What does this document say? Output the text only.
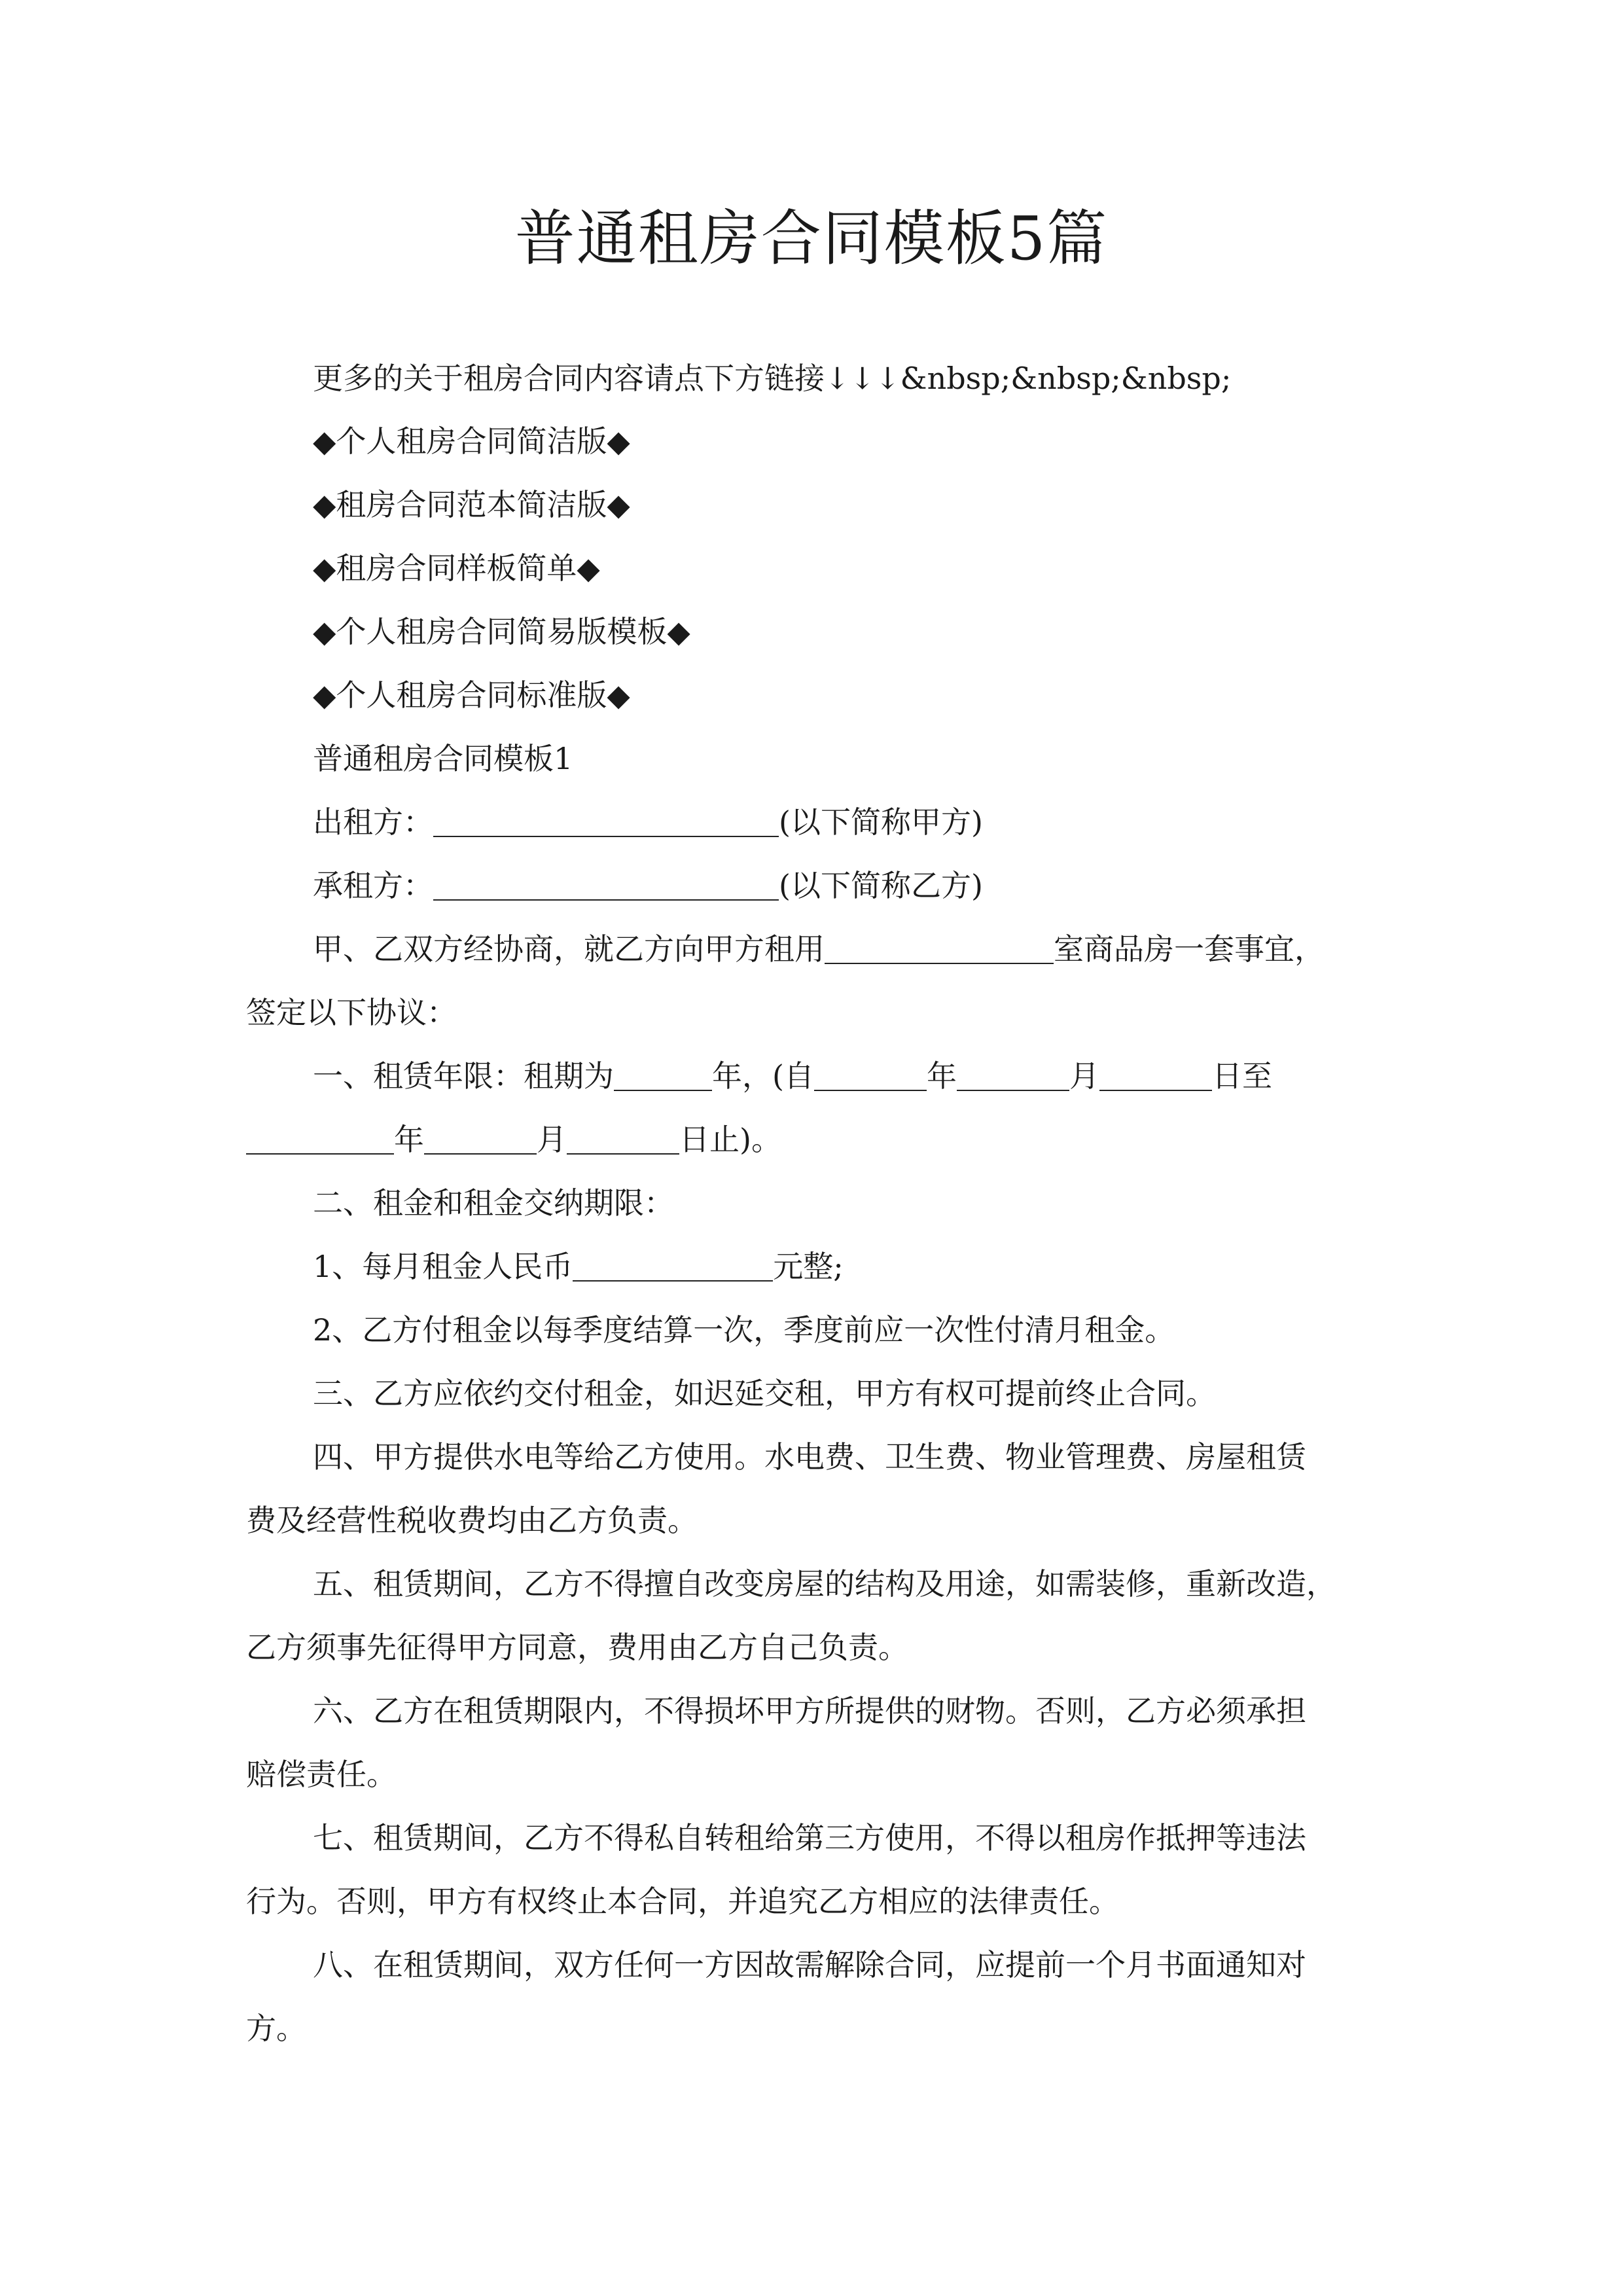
普通租房合同模板5篇

更多的关于租房合同内容请点下方链接↓↓↓&nbsp;&nbsp;&nbsp;

◆个人租房合同简洁版◆

◆租房合同范本简洁版◆

◆租房合同样板简单◆

◆个人租房合同简易版模板◆

◆个人租房合同标准版◆

普通租房合同模板1

出租方：	(以下简称甲方)

承租方：	(以下简称乙方)

甲、乙双方经协商，就乙方向甲方租用	室商品房一套事宜，

签定以下协议：

一、租赁年限：租期为	年，(自	年	月	日至

年	月	日止)。

二、租金和租金交纳期限：

1、每月租金人民币	元整;

2、乙方付租金以每季度结算一次，季度前应一次性付清月租金。

三、乙方应依约交付租金，如迟延交租，甲方有权可提前终止合同。

四、甲方提供水电等给乙方使用。水电费、卫生费、物业管理费、房屋租赁

费及经营性税收费均由乙方负责。

五、租赁期间，乙方不得擅自改变房屋的结构及用途，如需装修，重新改造，

乙方须事先征得甲方同意，费用由乙方自己负责。

六、乙方在租赁期限内，不得损坏甲方所提供的财物。否则，乙方必须承担

赔偿责任。

七、租赁期间，乙方不得私自转租给第三方使用，不得以租房作抵押等违法

行为。否则，甲方有权终止本合同，并追究乙方相应的法律责任。

八、在租赁期间，双方任何一方因故需解除合同，应提前一个月书面通知对

方。
